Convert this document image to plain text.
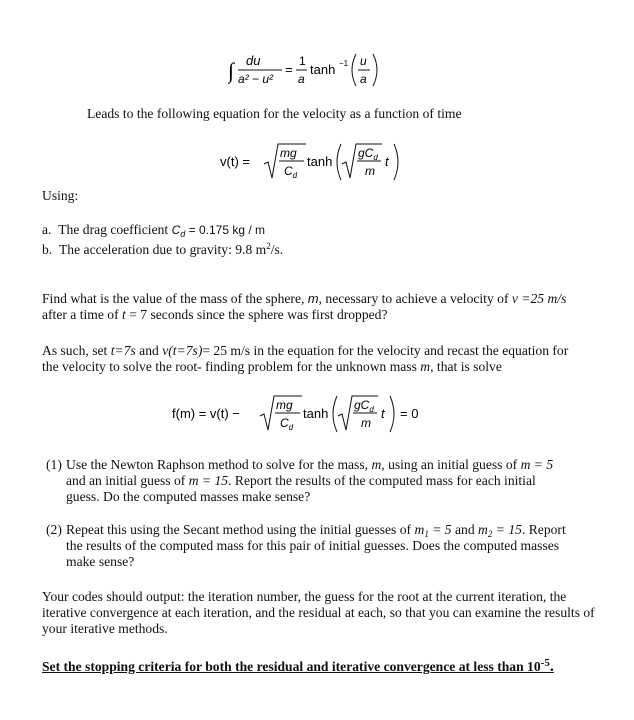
∫ du
a² − u²
=
1
a
tanh −1 u
a
Leads to the following equation for the velocity as a function of time
v(t) =
mg
$C_d$
tanh
$gC_d$
m
t
Using:
a. The drag coefficient $C_d = 0.175$ kg / m
b. The acceleration due to gravity: 9.8 $m^2/s$.
Find what is the value of the mass of the sphere, m, necessary to achieve a velocity of v =25 m/s
after a time of t = 7 seconds since the sphere was first dropped?
As such, set t=7s and v(t=7s)= 25 m/s in the equation for the velocity and recast the equation for
the velocity to solve the root- finding problem for the unknown mass m, that is solve
f(m) = v(t) −
mg
$C_d$
tanh
$gC_d$
m
t = 0
(1) Use the Newton Raphson method to solve for the mass, m, using an initial guess of m = 5
and an initial guess of m = 15. Report the results of the computed mass for each initial
guess. Do the computed masses make sense?
(2) Repeat this using the Secant method using the initial guesses of $m_1 = 5$ and $m_2 = 15$. Report
the results of the computed mass for this pair of initial guesses. Does the computed masses
make sense?
Your codes should output: the iteration number, the guess for the root at the current iteration, the iterative convergence at each iteration, and the residual at each, so that you can examine the results of your iterative methods.
Set the stopping criteria for both the residual and iterative convergence at less than $10^{-5}$.
